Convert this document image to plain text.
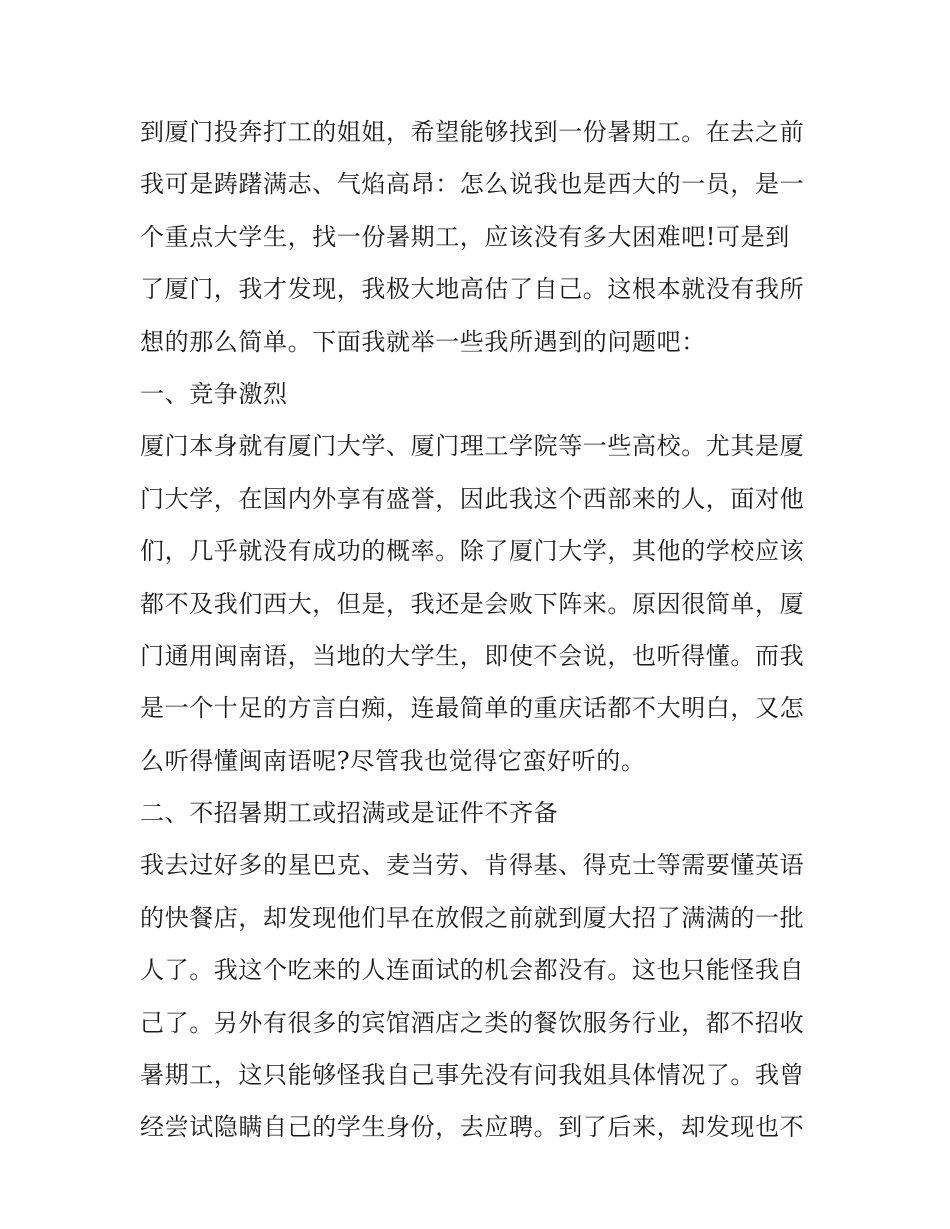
到厦门投奔打工的姐姐，希望能够找到一份暑期工。在去之前
我可是踌躇满志、气焰高昂：怎么说我也是西大的一员，是一
个重点大学生，找一份暑期工，应该没有多大困难吧!可是到
了厦门，我才发现，我极大地高估了自己。这根本就没有我所
想的那么简单。下面我就举一些我所遇到的问题吧：
一、竞争激烈
厦门本身就有厦门大学、厦门理工学院等一些高校。尤其是厦
门大学，在国内外享有盛誉，因此我这个西部来的人，面对他
们，几乎就没有成功的概率。除了厦门大学，其他的学校应该
都不及我们西大，但是，我还是会败下阵来。原因很简单，厦
门通用闽南语，当地的大学生，即使不会说，也听得懂。而我
是一个十足的方言白痴，连最简单的重庆话都不大明白，又怎
么听得懂闽南语呢?尽管我也觉得它蛮好听的。
二、不招暑期工或招满或是证件不齐备
我去过好多的星巴克、麦当劳、肯得基、得克士等需要懂英语
的快餐店，却发现他们早在放假之前就到厦大招了满满的一批
人了。我这个吃来的人连面试的机会都没有。这也只能怪我自
己了。另外有很多的宾馆酒店之类的餐饮服务行业，都不招收
暑期工，这只能够怪我自己事先没有问我姐具体情况了。我曾
经尝试隐瞒自己的学生身份，去应聘。到了后来，却发现也不
